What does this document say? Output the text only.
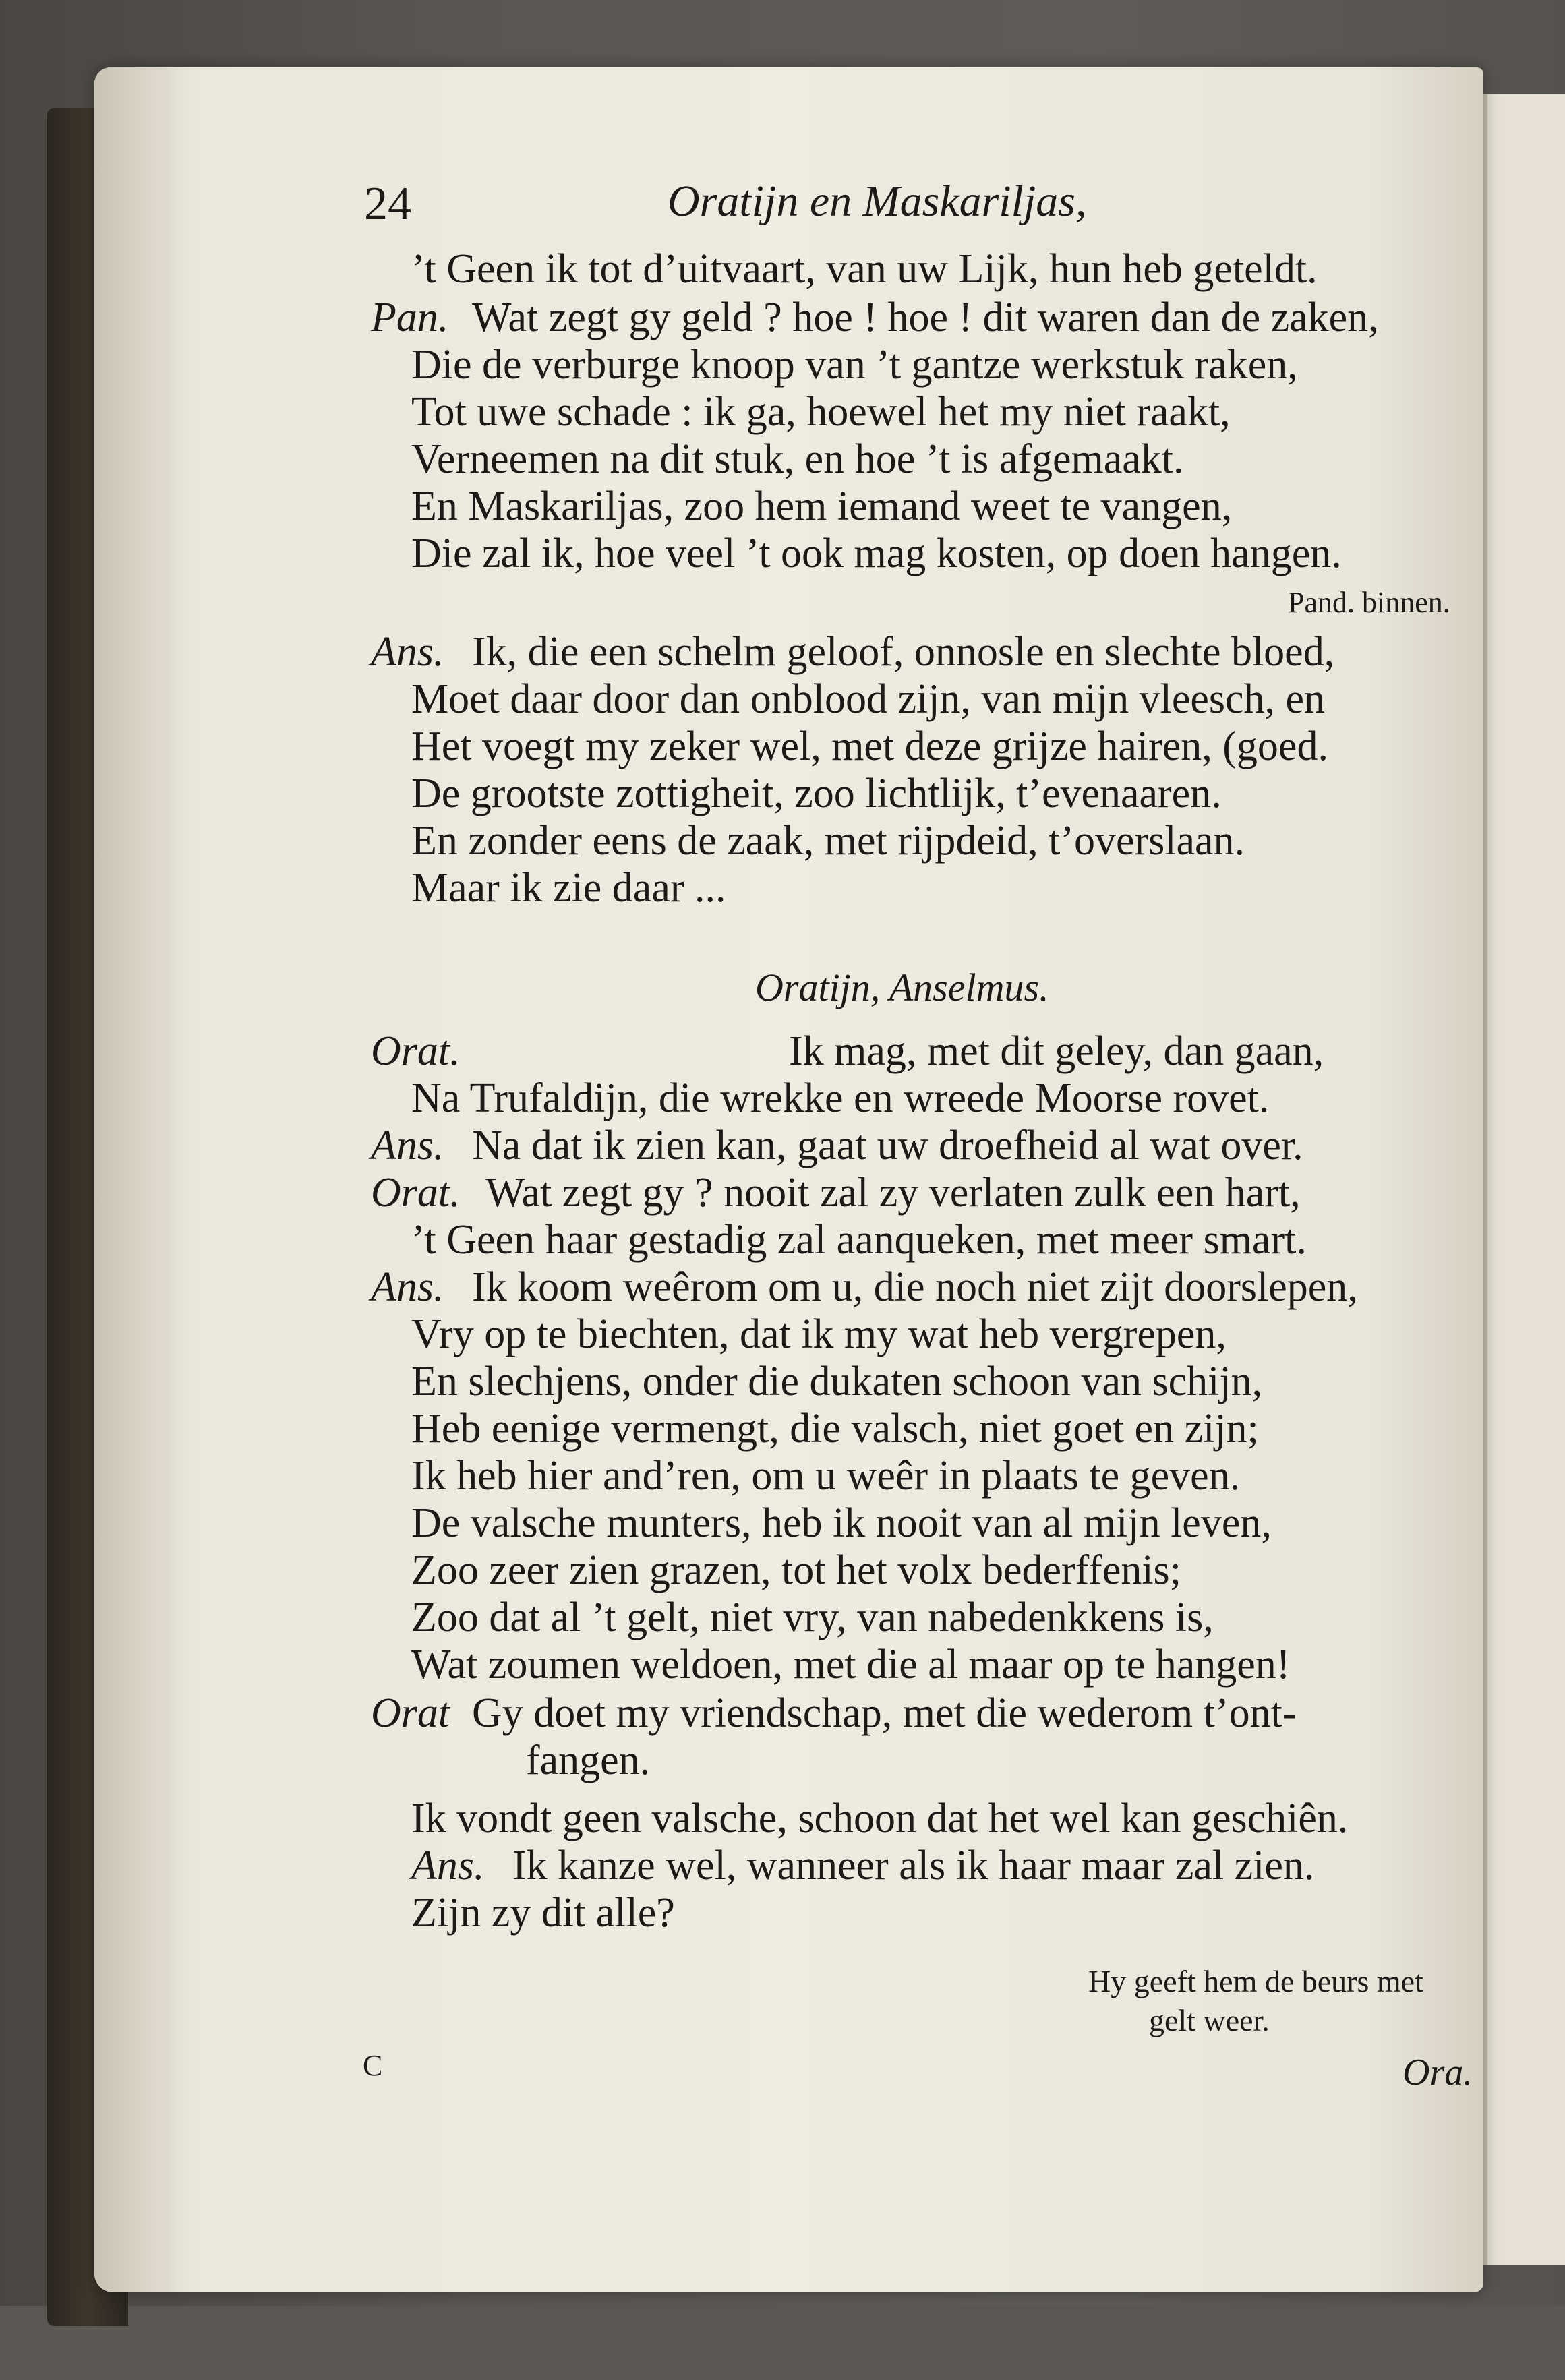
24	Oratijn en Maskariljas,
’t Geen ik tot d’uitvaart, van uw Lijk, hun heb geteldt.
Pan. Wat zegt gy geld ? hoe ! hoe ! dit waren dan de zaken,
Die de verburge knoop van ’t gantze werkstuk raken,
Tot uwe schade : ik ga, hoewel het my niet raakt,
Verneemen na dit stuk, en hoe ’t is afgemaakt.
En Maskariljas, zoo hem iemand weet te vangen,
Die zal ik, hoe veel ’t ook mag kosten, op doen hangen.
Pand. binnen.
Ans. Ik, die een schelm geloof, onnosle en slechte bloed,
Moet daar door dan onblood zijn, van mijn vleesch, en
Het voegt my zeker wel, met deze grijze hairen, (goed.
De grootste zottigheit, zoo lichtlijk, t’evenaaren.
En zonder eens de zaak, met rijpdeid, t’overslaan.
Maar ik zie daar ...
Oratijn, Anselmus.
Orat.	Ik mag, met dit geley, dan gaan,
Na Trufaldijn, die wrekke en wreede Moorse rovet.
Ans. Na dat ik zien kan, gaat uw droefheid al wat over.
Orat. Wat zegt gy ? nooit zal zy verlaten zulk een hart,
’t Geen haar gestadig zal aanqueken, met meer smart.
Ans. Ik koom weêrom om u, die noch niet zijt doorslepen,
Vry op te biechten, dat ik my wat heb vergrepen,
En slechjens, onder die dukaten schoon van schijn,
Heb eenige vermengt, die valsch, niet goet en zijn;
Ik heb hier and’ren, om u weêr in plaats te geven.
De valsche munters, heb ik nooit van al mijn leven,
Zoo zeer zien grazen, tot het volx bederffenis;
Zoo dat al ’t gelt, niet vry, van nabedenkkens is,
Wat zoumen weldoen, met die al maar op te hangen!
Orat Gy doet my vriendschap, met die wederom t’ont-
fangen.
Ik vondt geen valsche, schoon dat het wel kan geschiên.
Ans. Ik kanze wel, wanneer als ik haar maar zal zien.
Zijn zy dit alle?
Hy geeft hem de beurs met
gelt weer.
C	Ora.
